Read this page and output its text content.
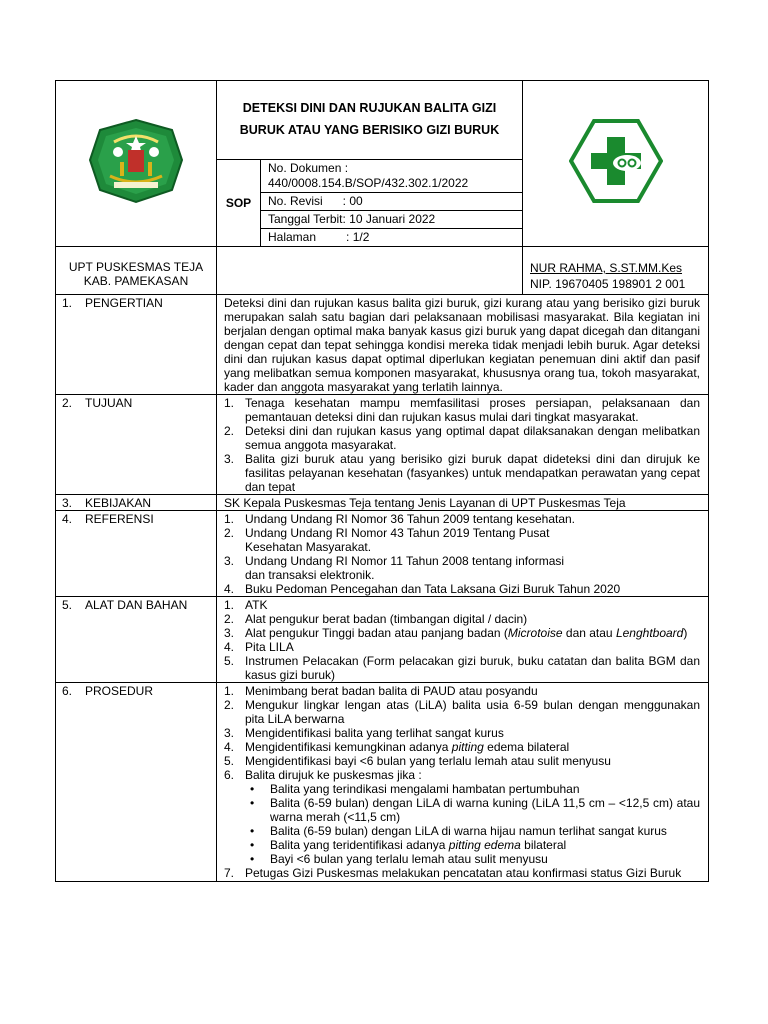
DETEKSI DINI DAN RUJUKAN BALITA GIZI
BURUK ATAU YANG BERISIKO GIZI BURUK
SOP	
No. Dokumen :
440/0008.154.B/SOP/432.302.1/2022

No. Revisi      : 00
Tanggal Terbit: 10 Januari 2022
Halaman         : 1/2

UPT PUSKESMAS TEJA
KAB. PAMEKASAN

NUR RAHMA, S.ST.MM.Kes
NIP. 19670405 198901 2 001

1. PENGERTIAN	Deteksi dini dan rujukan kasus balita gizi buruk, gizi kurang atau yang berisiko gizi buruk merupakan salah satu bagian dari pelaksanaan mobilisasi masyarakat. Bila kegiatan ini berjalan dengan optimal maka banyak kasus gizi buruk yang dapat dicegah dan ditangani dengan cepat dan tepat sehingga kondisi mereka tidak menjadi lebih buruk. Agar deteksi dini dan rujukan kasus dapat optimal diperlukan kegiatan penemuan dini aktif dan pasif yang melibatkan semua komponen masyarakat, khususnya orang tua, tokoh masyarakat, kader dan anggota masyarakat yang terlatih lainnya.
2. TUJUAN	1. Tenaga kesehatan mampu memfasilitasi proses persiapan, pelaksanaan dan pemantauan deteksi dini dan rujukan kasus mulai dari tingkat masyarakat.
2. Deteksi dini dan rujukan kasus yang optimal dapat dilaksanakan dengan melibatkan semua anggota masyarakat.
3. Balita gizi buruk atau yang berisiko gizi buruk dapat dideteksi dini dan dirujuk ke fasilitas pelayanan kesehatan (fasyankes) untuk mendapatkan perawatan yang cepat dan tepat

3. KEBIJAKAN	SK Kepala Puskesmas Teja tentang Jenis Layanan di UPT Puskesmas Teja
4. REFERENSI	1. Undang Undang RI Nomor 36 Tahun 2009 tentang kesehatan.
2. Undang Undang RI Nomor 43 Tahun 2019 Tentang Pusat
Kesehatan Masyarakat.
3. Undang Undang RI Nomor 11 Tahun 2008 tentang informasi
dan transaksi elektronik.
4. Buku Pedoman Pencegahan dan Tata Laksana Gizi Buruk Tahun 2020

5. ALAT DAN BAHAN	1. ATK
2. Alat pengukur berat badan (timbangan digital / dacin)
3. Alat pengukur Tinggi badan atau panjang badan (Microtoise dan atau Lenghtboard)
4. Pita LILA
5. Instrumen Pelacakan (Form pelacakan gizi buruk, buku catatan dan balita BGM dan kasus gizi buruk)

6. PROSEDUR	1. Menimbang berat badan balita di PAUD atau posyandu
2. Mengukur lingkar lengan atas (LiLA) balita usia 6-59 bulan dengan menggunakan pita LiLA berwarna
3. Mengidentifikasi balita yang terlihat sangat kurus
4. Mengidentifikasi kemungkinan adanya pitting edema bilateral
5. Mengidentifikasi bayi <6 bulan yang terlalu lemah atau sulit menyusu
6. Balita dirujuk ke puskesmas jika :
• Balita yang terindikasi mengalami hambatan pertumbuhan
• Balita (6-59 bulan) dengan LiLA di warna kuning (LiLA 11,5 cm – <12,5 cm) atau warna merah (<11,5 cm)
• Balita (6-59 bulan) dengan LiLA di warna hijau namun terlihat sangat kurus
• Balita yang teridentifikasi adanya pitting edema bilateral
• Bayi <6 bulan yang terlalu lemah atau sulit menyusu
7. Petugas Gizi Puskesmas melakukan pencatatan atau konfirmasi status Gizi Buruk
